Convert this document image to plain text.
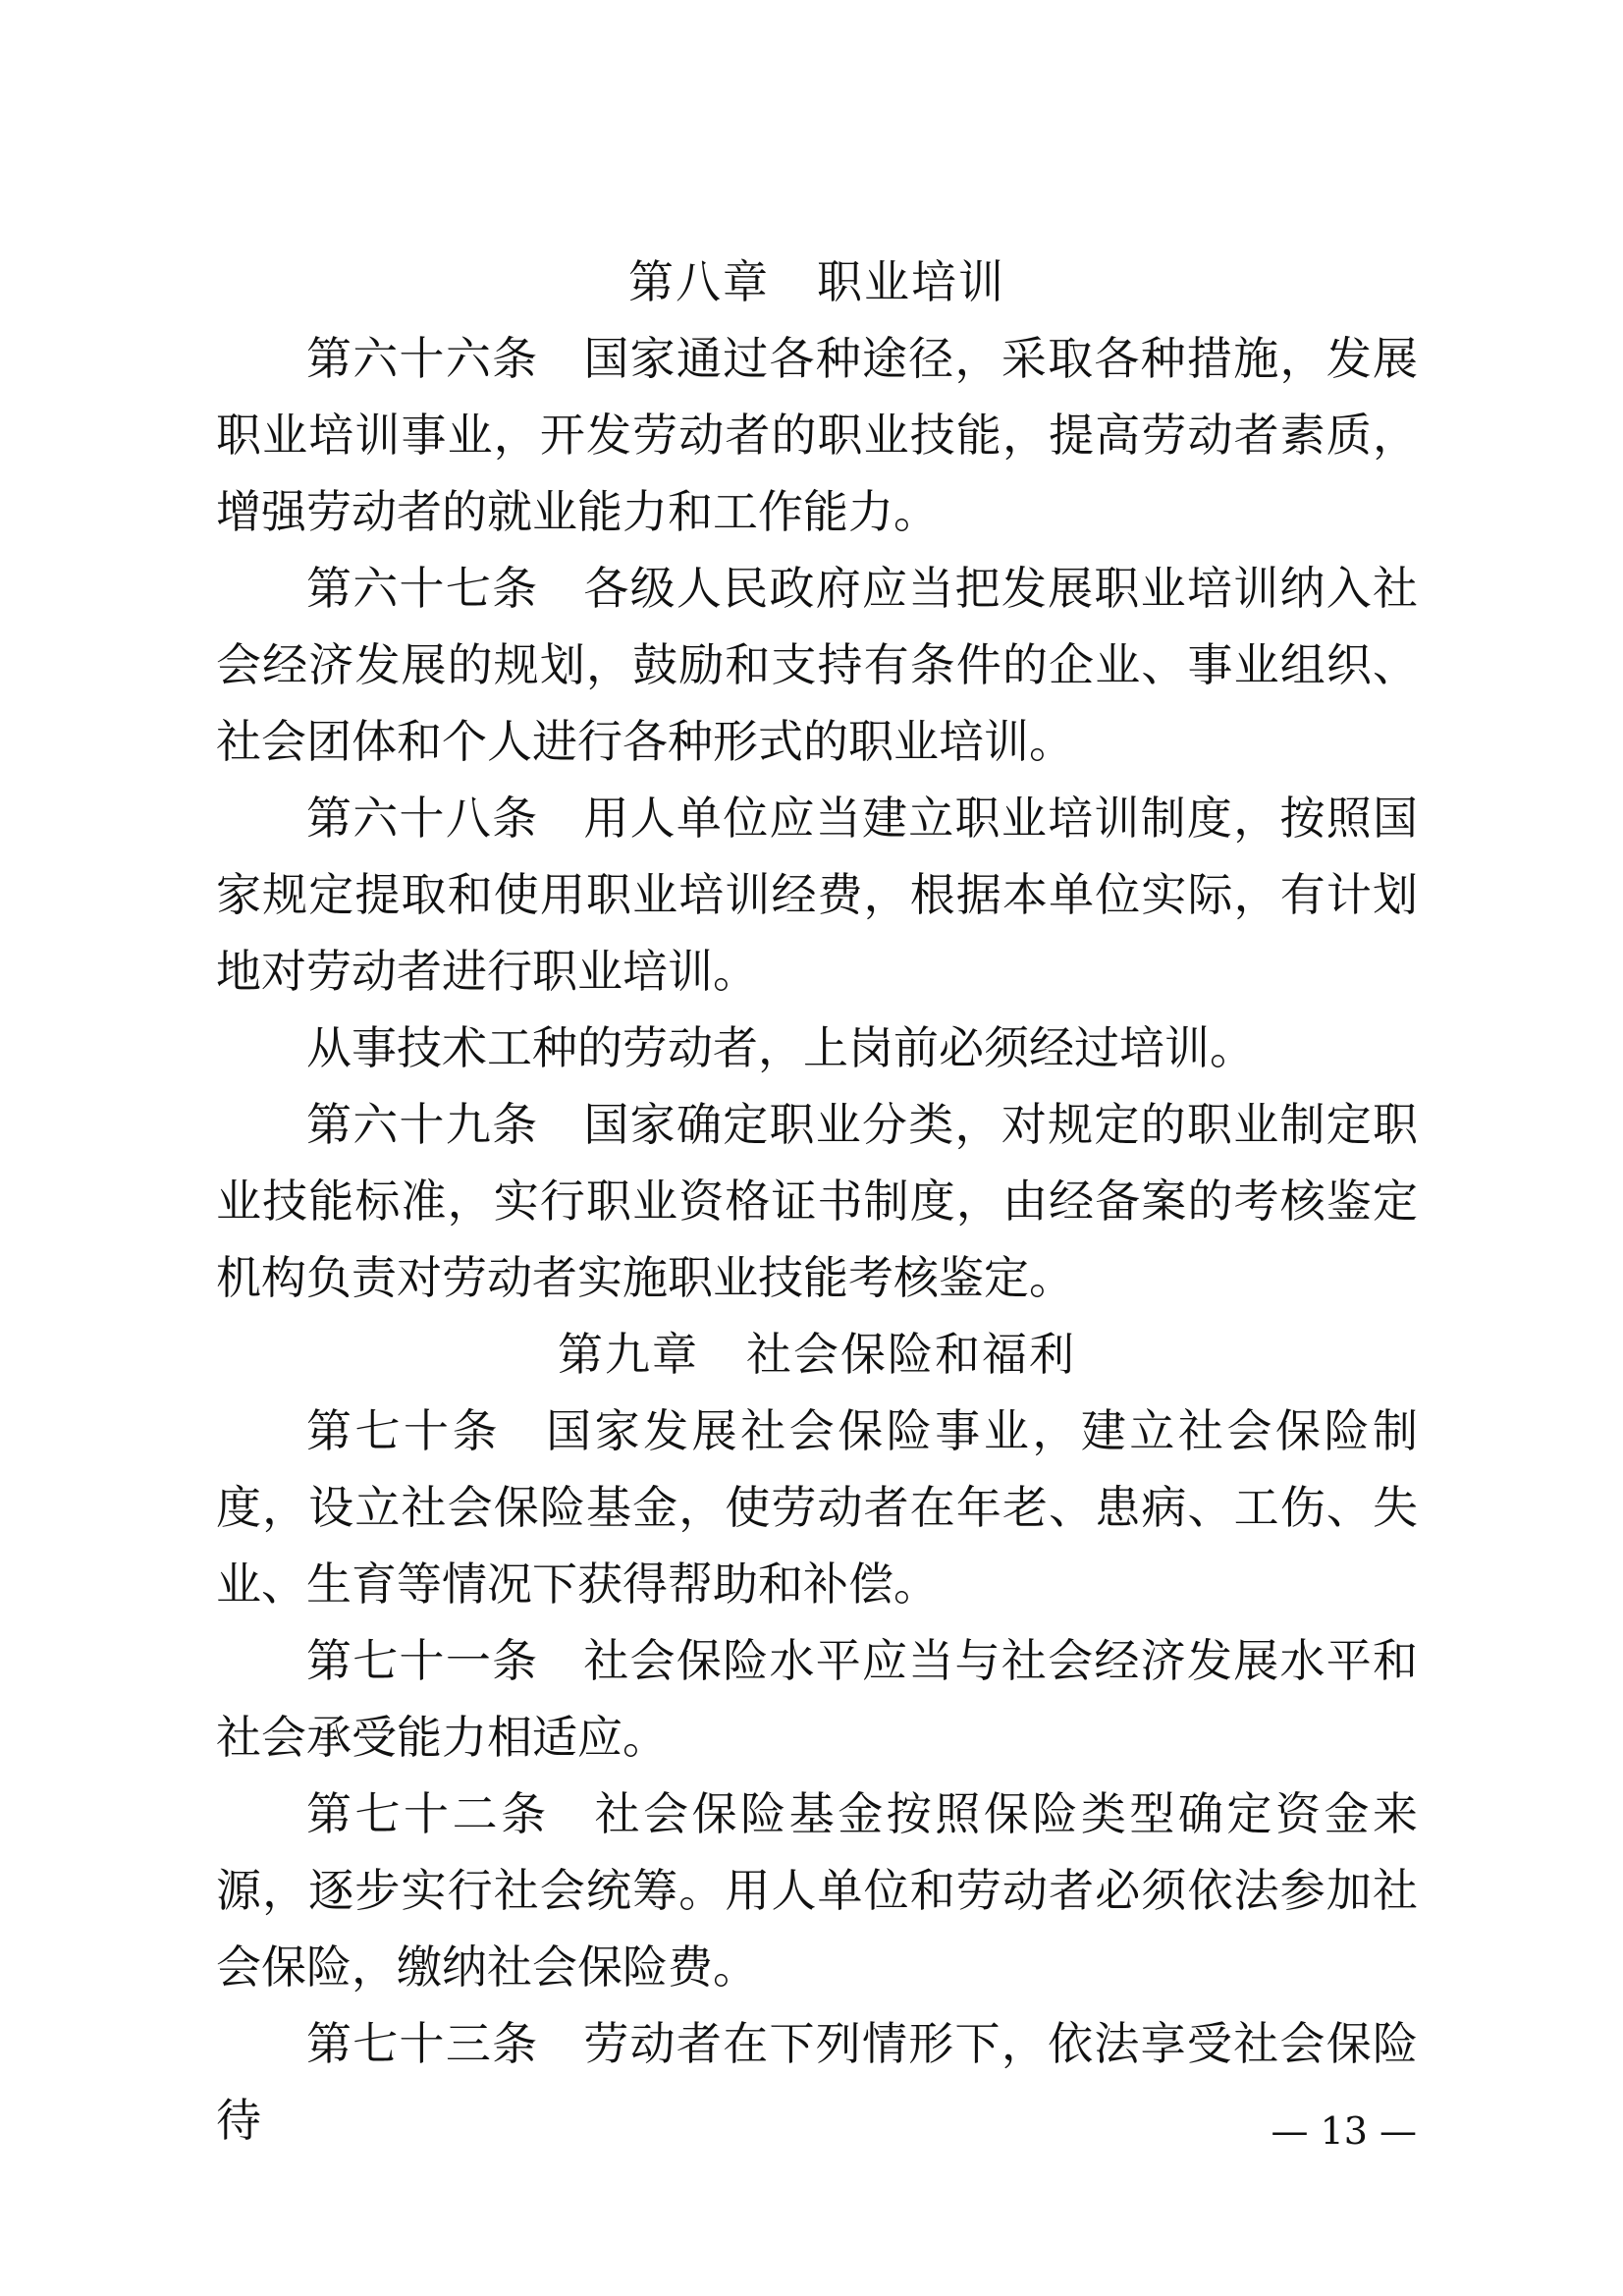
第八章　职业培训

第六十六条 国家通过各种途径，采取各种措施，发展职业培训事业，开发劳动者的职业技能，提高劳动者素质，增强劳动者的就业能力和工作能力。

第六十七条 各级人民政府应当把发展职业培训纳入社会经济发展的规划，鼓励和支持有条件的企业、事业组织、社会团体和个人进行各种形式的职业培训。

第六十八条 用人单位应当建立职业培训制度，按照国家规定提取和使用职业培训经费，根据本单位实际，有计划地对劳动者进行职业培训。

从事技术工种的劳动者，上岗前必须经过培训。

第六十九条 国家确定职业分类，对规定的职业制定职业技能标准，实行职业资格证书制度，由经备案的考核鉴定机构负责对劳动者实施职业技能考核鉴定。

第九章　社会保险和福利

第七十条 国家发展社会保险事业，建立社会保险制度，设立社会保险基金，使劳动者在年老、患病、工伤、失业、生育等情况下获得帮助和补偿。

第七十一条 社会保险水平应当与社会经济发展水平和社会承受能力相适应。

第七十二条 社会保险基金按照保险类型确定资金来源，逐步实行社会统筹。用人单位和劳动者必须依法参加社会保险，缴纳社会保险费。

第七十三条 劳动者在下列情形下，依法享受社会保险待	— 13 —
